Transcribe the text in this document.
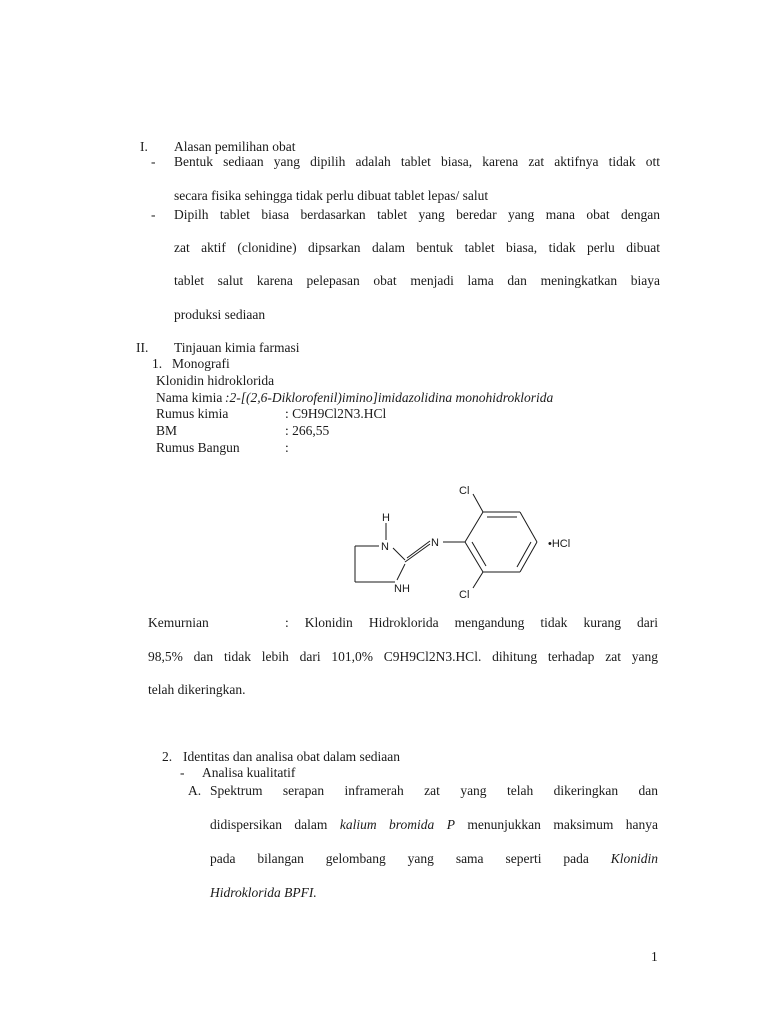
I. Alasan pemilihan obat
- Bentuk sediaan yang dipilih adalah tablet biasa, karena zat aktifnya tidak ott
secara fisika sehingga tidak perlu dibuat tablet lepas/ salut
- Dipilh tablet biasa berdasarkan tablet yang beredar yang mana obat dengan
zat aktif (clonidine) dipsarkan dalam bentuk tablet biasa, tidak perlu dibuat
tablet salut karena pelepasan obat menjadi lama dan meningkatkan biaya
produksi sediaan
II. Tinjauan kimia farmasi
1. Monografi
Klonidin hidroklorida
Nama kimia :2-[(2,6-Diklorofenil)imino]imidazolidina monohidroklorida
Rumus kimia	: C9H9Cl2N3.HCl
BM	: 266,55
Rumus Bangun	:
Cl
Cl
H
N	N
NH
•HCl
Kemurnian	: Klonidin Hidroklorida mengandung tidak kurang dari
98,5% dan tidak lebih dari 101,0% C9H9Cl2N3.HCl. dihitung terhadap zat yang
telah dikeringkan.
2. Identitas dan analisa obat dalam sediaan
- Analisa kualitatif
A. Spektrum serapan inframerah zat yang telah dikeringkan dan
didispersikan dalam kalium bromida P menunjukkan maksimum hanya
pada bilangan gelombang yang sama seperti pada Klonidin
Hidroklorida BPFI.
1
